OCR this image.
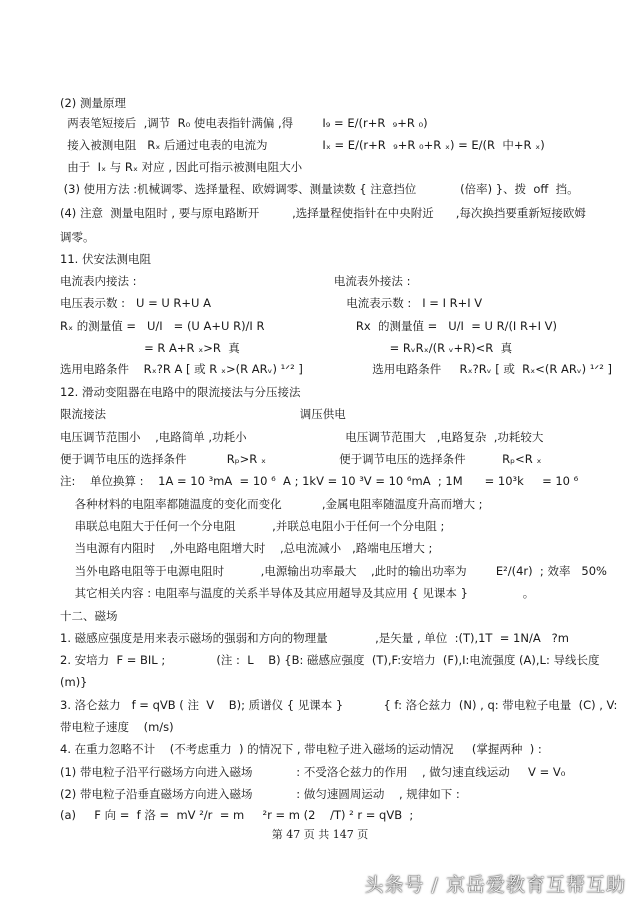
(2) 测量原理
两表笔短接后  ,调节  R₀ 使电表指针满偏 ,得        I₉ = E/(r+R  ₉+R ₀)
接入被测电阻   Rₓ 后通过电表的电流为               Iₓ = E/(r+R  ₉+R ₀+R ₓ) = E/(R  中+R ₓ)
由于  Iₓ 与 Rₓ 对应 , 因此可指示被测电阻大小
(3) 使用方法 :机械调零、选择量程、欧姆调零、测量读数 { 注意挡位            (倍率) }、拨  off  挡。
(4) 注意  测量电阻时 , 要与原电路断开         ,选择量程使指针在中央附近      ,每次换挡要重新短接欧姆
调零。
11. 伏安法测电阻
电流表内接法 :                                                      电流表外接法 :
电压表示数 :   U = U R+U A                                     电流表示数 :   I = I R+I V
Rₓ 的测量值 =   U/I   = (U A+U R)/I R                         Rx  的测量值 =   U/I  = U R/(I R+I V)
= R A+R ₓ>R  真                                         = RᵥRₓ/(R ᵥ+R)<R  真
选用电路条件    Rₓ?R A [ 或 R ₓ>(R ARᵥ) ¹ᐟ² ]                   选用电路条件     Rₓ?Rᵥ [ 或  Rₓ<(R ARᵥ) ¹ᐟ² ]
12. 滑动变阻器在电路中的限流接法与分压接法
限流接法                                                     调压供电
电压调节范围小    ,电路简单 ,功耗小                           电压调节范围大   ,电路复杂  ,功耗较大
便于调节电压的选择条件           Rₚ>R ₓ                    便于调节电压的选择条件          Rₚ<R ₓ
注:    单位换算 :    1A = 10 ³mA  = 10 ⁶  A ; 1kV = 10 ³V = 10 ⁶mA  ; 1M      = 10³k     = 10 ⁶
各种材料的电阻率都随温度的变化而变化           ,金属电阻率随温度升高而增大 ;
串联总电阻大于任何一个分电阻          ,并联总电阻小于任何一个分电阻 ;
当电源有内阻时    ,外电路电阻增大时    ,总电流减小   ,路端电压增大 ;
当外电路电阻等于电源电阻时          ,电源输出功率最大    ,此时的输出功率为        E²/(4r)  ; 效率   50%
其它相关内容 : 电阻率与温度的关系半导体及其应用超导及其应用 { 见课本 }               。
十二、磁场
1. 磁感应强度是用来表示磁场的强弱和方向的物理量             ,是矢量 , 单位  :(T),1T  = 1N/A   ?m
2. 安培力  F = BIL ;              (注 :  L    B) {B: 磁感应强度  (T),F:安培力  (F),I:电流强度 (A),L: 导线长度
(m)}
3. 洛仑兹力   f = qVB ( 注  V    B); 质谱仪 { 见课本 }           { f: 洛仑兹力  (N) , q: 带电粒子电量  (C) , V:
带电粒子速度    (m/s)
4. 在重力忽略不计    (不考虑重力  ) 的情况下 , 带电粒子进入磁场的运动情况     (掌握两种  ) :
(1) 带电粒子沿平行磁场方向进入磁场            : 不受洛仑兹力的作用    , 做匀速直线运动     V = V₀
(2) 带电粒子沿垂直磁场方向进入磁场            : 做匀速圆周运动    , 规律如下 :
(a)     F 向 =  f 洛 =  mV ²/r  = m     ²r = m (2    /T) ² r = qVB  ;
第 47 页 共 147 页
头条号 / 京岳爱教育互帮互助
